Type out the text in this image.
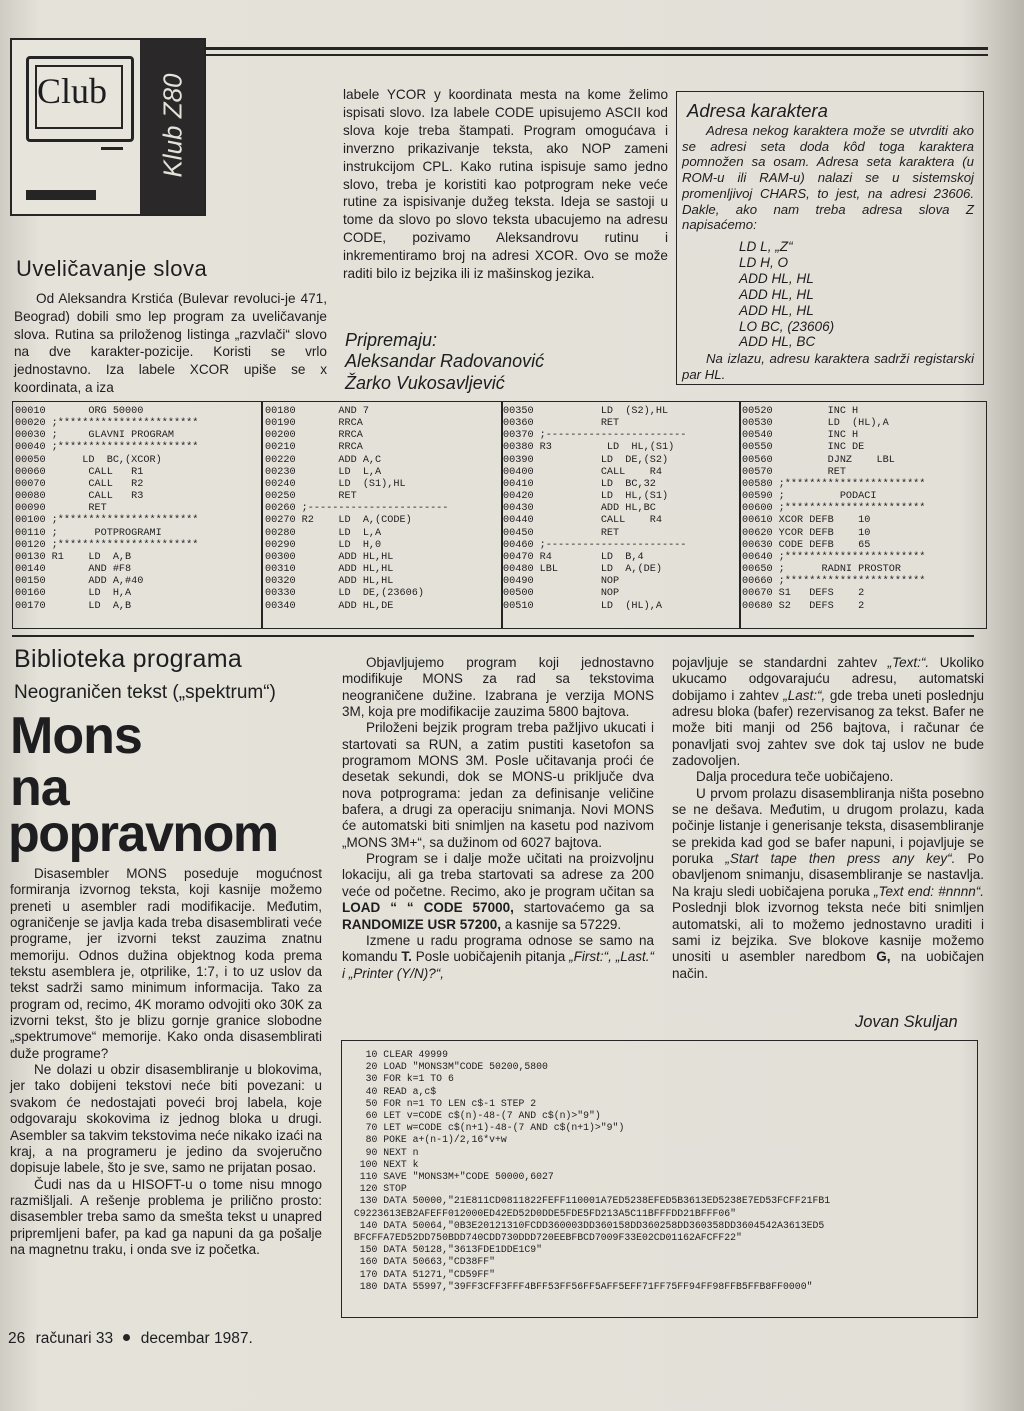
Club Klub Z80
Uveličavanje slova

Od Aleksandra Krstića (Bulevar revoluci-je 471, Beograd) dobili smo lep program za uveličavanje slova. Rutina sa priloženog listinga „razvlači“ slovo na dve karakter-pozicije. Koristi se vrlo jednostavno. Iza labele XCOR upiše se x koordinata, a iza

labele YCOR y koordinata mesta na kome želimo ispisati slovo. Iza labele CODE upisujemo ASCII kod slova koje treba štampati. Program omogućava i inverzno prikazivanje teksta, ako NOP zameni instrukcijom CPL. Kako rutina ispisuje samo jedno slovo, treba je koristiti kao potprogram neke veće rutine za ispisivanje dužeg teksta. Ideja se sastoji u tome da slovo po slovo teksta ubacujemo na adresu CODE, pozivamo Aleksandrovu rutinu i inkrementiramo broj na adresi XCOR. Ovo se može raditi bilo iz bejzika ili iz mašinskog jezika.

Pripremaju:
Aleksandar Radovanović
Žarko Vukosavljević
Adresa karaktera

Adresa nekog karaktera može se utvrditi ako se adresi seta doda kôd toga karaktera pomnožen sa osam. Adresa seta karaktera (u ROM-u ili RAM-u) nalazi se u sistemskoj promenljivoj CHARS, to jest, na adresi 23606. Dakle, ako nam treba adresa slova Z napisaćemo:

LD L, „Z“
LD H, O
ADD HL, HL
ADD HL, HL
ADD HL, HL
LO BC, (23606)
ADD HL, BC

Na izlazu, adresu karaktera sadrži registarski par HL.

00010       ORG 50000
00020 ;***********************
00030 ;     GLAVNI PROGRAM
00040 ;***********************
00050      LD  BC,(XCOR)
00060       CALL   R1
00070       CALL   R2
00080       CALL   R3
00090       RET
00100 ;***********************
00110 ;      POTPROGRAMI
00120 ;***********************
00130 R1    LD  A,B
00140       AND #F8
00150       ADD A,#40
00160       LD  H,A
00170       LD  A,B
00180       AND 7
00190       RRCA
00200       RRCA
00210       RRCA
00220       ADD A,C
00230       LD  L,A
00240       LD  (S1),HL
00250       RET
00260 ;-----------------------
00270 R2    LD  A,(CODE)
00280       LD  L,A
00290       LD  H,0
00300       ADD HL,HL
00310       ADD HL,HL
00320       ADD HL,HL
00330       LD  DE,(23606)
00340       ADD HL,DE
00350           LD  (S2),HL
00360           RET
00370 ;-----------------------
00380 R3         LD  HL,(S1)
00390           LD  DE,(S2)
00400           CALL    R4
00410           LD  BC,32
00420           LD  HL,(S1)
00430           ADD HL,BC
00440           CALL    R4
00450           RET
00460 ;-----------------------
00470 R4        LD  B,4
00480 LBL       LD  A,(DE)
00490           NOP
00500           NOP
00510           LD  (HL),A
00520         INC H
00530         LD  (HL),A
00540         INC H
00550         INC DE
00560         DJNZ    LBL
00570         RET
00580 ;***********************
00590 ;         PODACI
00600 ;***********************
00610 XCOR DEFB    10
00620 YCOR DEFB    10
00630 CODE DEFB    65
00640 ;***********************
00650 ;      RADNI PROSTOR
00660 ;***********************
00670 S1   DEFS    2
00680 S2   DEFS    2
Biblioteka programa
Neograničen tekst („spektrum“)
Mons
na
popravnom

Disasembler MONS poseduje mogućnost formiranja izvornog teksta, koji kasnije možemo preneti u asembler radi modifikacije. Međutim, ograničenje se javlja kada treba disasemblirati veće programe, jer izvorni tekst zauzima znatnu memoriju. Odnos dužina objektnog koda prema tekstu asemblera je, otprilike, 1:7, i to uz uslov da tekst sadrži samo minimum informacija. Tako za program od, recimo, 4K moramo odvojiti oko 30K za izvorni tekst, što je blizu gornje granice slobodne „spektrumove“ memorije. Kako onda disasemblirati duže programe?

Ne dolazi u obzir disasembliranje u blokovima, jer tako dobijeni tekstovi neće biti povezani: u svakom će nedostajati poveći broj labela, koje odgovaraju skokovima iz jednog bloka u drugi. Asembler sa takvim tekstovima neće nikako izaći na kraj, a na programeru je jedino da svojeručno dopisuje labele, što je sve, samo ne prijatan posao.

Čudi nas da u HISOFT-u o tome nisu mnogo razmišljali. A rešenje problema je prilično prosto: disasembler treba samo da smešta tekst u unapred pripremljeni bafer, pa kad ga napuni da ga pošalje na magnetnu traku, i onda sve iz početka.

Objavljujemo program koji jednostavno modifikuje MONS za rad sa tekstovima neograničene dužine. Izabrana je verzija MONS 3M, koja pre modifikacije zauzima 5800 bajtova.

Priloženi bejzik program treba pažljivo ukucati i startovati sa RUN, a zatim pustiti kasetofon sa programom MONS 3M. Posle učitavanja proći će desetak sekundi, dok se MONS-u priključe dva nova potprograma: jedan za definisanje veličine bafera, a drugi za operaciju snimanja. Novi MONS će automatski biti snimljen na kasetu pod nazivom „MONS 3M+“, sa dužinom od 6027 bajtova.

Program se i dalje može učitati na proizvoljnu lokaciju, ali ga treba startovati sa adrese za 200 veće od početne. Recimo, ako je program učitan sa LOAD “ “ CODE 57000, startovaćemo ga sa RANDOMIZE USR 57200, a kasnije sa 57229.

Izmene u radu programa odnose se samo na komandu T. Posle uobičajenih pitanja „First:“, „Last.“ i „Printer (Y/N)?“,

pojavljuje se standardni zahtev „Text:“. Ukoliko ukucamo odgovarajuću adresu, automatski dobijamo i zahtev „Last:“, gde treba uneti poslednju adresu bloka (bafer) rezervisanog za tekst. Bafer ne može biti manji od 256 bajtova, i računar će ponavljati svoj zahtev sve dok taj uslov ne bude zadovoljen.

Dalja procedura teče uobičajeno.

U prvom prolazu disasembliranja ništa posebno se ne dešava. Međutim, u drugom prolazu, kada počinje listanje i generisanje teksta, disasembliranje se prekida kad god se bafer napuni, i pojavljuje se poruka „Start tape then press any key“. Po obavljenom snimanju, disasembliranje se nastavlja. Na kraju sledi uobičajena poruka „Text end: #nnnn“. Poslednji blok izvornog teksta neće biti snimljen automatski, ali to možemo jednostavno uraditi i sami iz bejzika. Sve blokove kasnije možemo unositi u asembler naredbom G, na uobičajen način.

Jovan Skuljan
10 CLEAR 49999
20 LOAD "MONS3M"CODE 50200,5800
30 FOR k=1 TO 6
40 READ a,c$
50 FOR n=1 TO LEN c$-1 STEP 2
60 LET v=CODE c$(n)-48-(7 AND c$(n)>"9")
70 LET w=CODE c$(n+1)-48-(7 AND c$(n+1)>"9")
80 POKE a+(n-1)/2,16*v+w
90 NEXT n
100 NEXT k
110 SAVE "MONS3M+"CODE 50000,6027
120 STOP
130 DATA 50000,"21E811CD0811822FEFF110001A7ED5238EFED5B3613ED5238E7ED53FCFF21FB1
C9223613EB2AFEFF012000ED42ED52D0DDE5FDE5FD213A5C11BFFFDD21BFFF06"
140 DATA 50064,"0B3E20121310FCDD360003DD360158DD360258DD360358DD3604542A3613ED5
BFCFFA7ED52DD750BDD740CDD730DDD720EEBFBCD7009F33E02CD01162AFCFF22"
150 DATA 50128,"3613FDE1DDE1C9"
160 DATA 50663,"CD38FF"
170 DATA 51271,"CD59FF"
180 DATA 55997,"39FF3CFF3FFF4BFF53FF56FF5AFF5EFF71FF75FF94FF98FFB5FFB8FF0000"
26 računari 33 decembar 1987.
